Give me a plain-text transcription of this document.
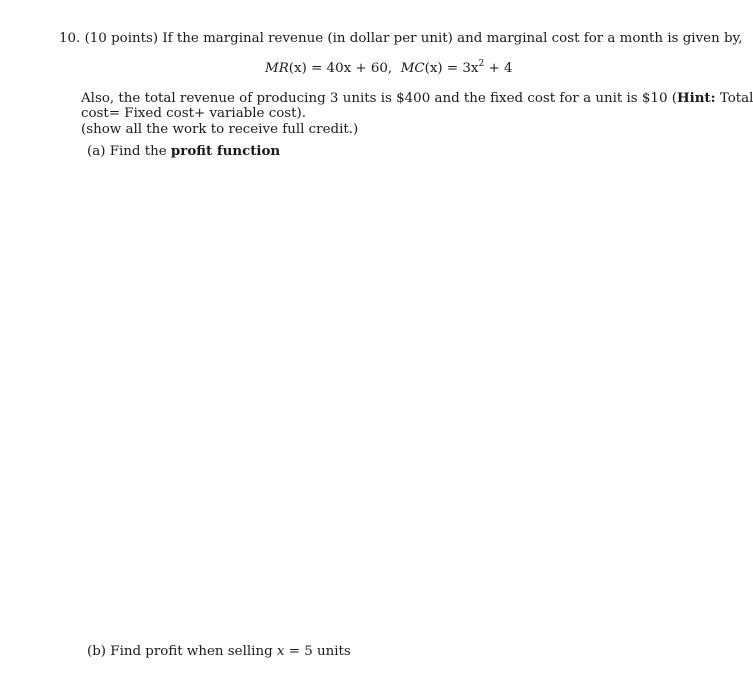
10. (10 points) If the marginal revenue (in dollar per unit) and marginal cost for a month is given by,
MR(x) = 40x + 60, $MC(x) = 3x^2 + 4$
Also, the total revenue of producing 3 units is $400 and the fixed cost for a unit is $10 (Hint: Total
cost= Fixed cost+ variable cost).
(show all the work to receive full credit.)
(a) Find the profit function
(b) Find profit when selling x = 5 units
